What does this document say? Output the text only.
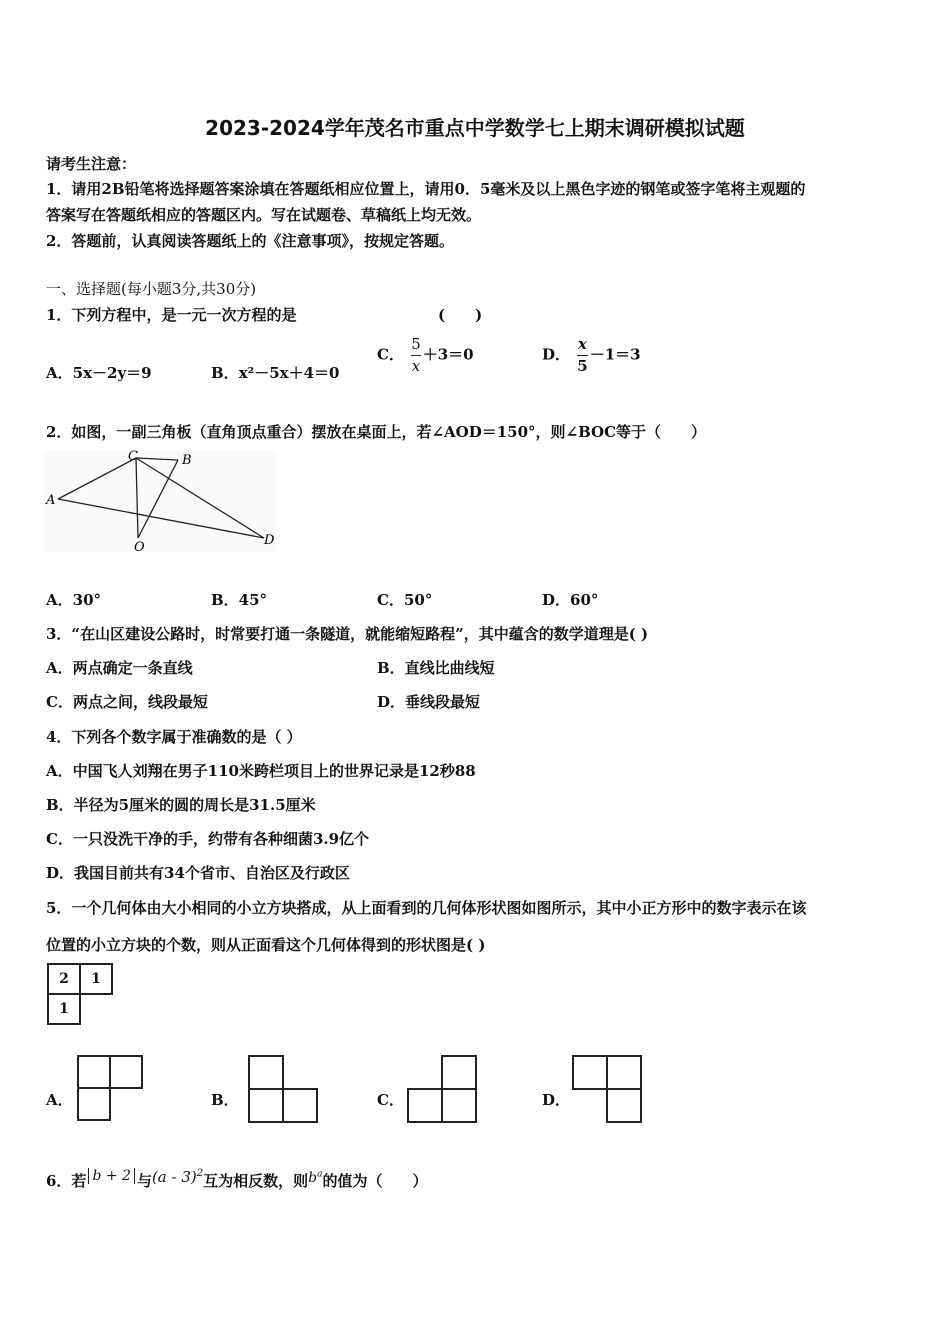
2023-2024学年茂名市重点中学数学七上期末调研模拟试题
请考生注意：
1．请用2B铅笔将选择题答案涂填在答题纸相应位置上，请用0．5毫米及以上黑色字迹的钢笔或签字笔将主观题的
答案写在答题纸相应的答题区内。写在试题卷、草稿纸上均无效。
2．答题前，认真阅读答题纸上的《注意事项》，按规定答题。
一、选择题(每小题3分,共30分)
1．下列方程中，是一元一次方程的是	(　　)
A．5x－2y＝9	B．x²－5x＋4＝0
C． $\frac{5}{x} +3=0$	D． $\frac{x}{5} -1=3$
2．如图，一副三角板（直角顶点重合）摆放在桌面上，若∠AOD＝150°，则∠BOC等于（　　）
A
B
C
O	D
A．30°	B．45°	C．50°	D．60°
3．“在山区建设公路时，时常要打通一条隧道，就能缩短路程”，其中蕴含的数学道理是( )
A．两点确定一条直线	B．直线比曲线短
C．两点之间，线段最短	D．垂线段最短
4．下列各个数字属于准确数的是（ ）
A．中国飞人刘翔在男子110米跨栏项目上的世界记录是12秒88
B．半径为5厘米的圆的周长是31.5厘米
C．一只没洗干净的手，约带有各种细菌3.9亿个
D．我国目前共有34个省市、自治区及行政区
5．一个几何体由大小相同的小立方块搭成，从上面看到的几何体形状图如图所示，其中小正方形中的数字表示在该
位置的小立方块的个数，则从正面看这个几何体得到的形状图是( )
2	1
1	
A．	B．	C．	D．
6．若 b + 2 与(a - 3)$^2$互为相反数，则$b^a$的值为（　　）
